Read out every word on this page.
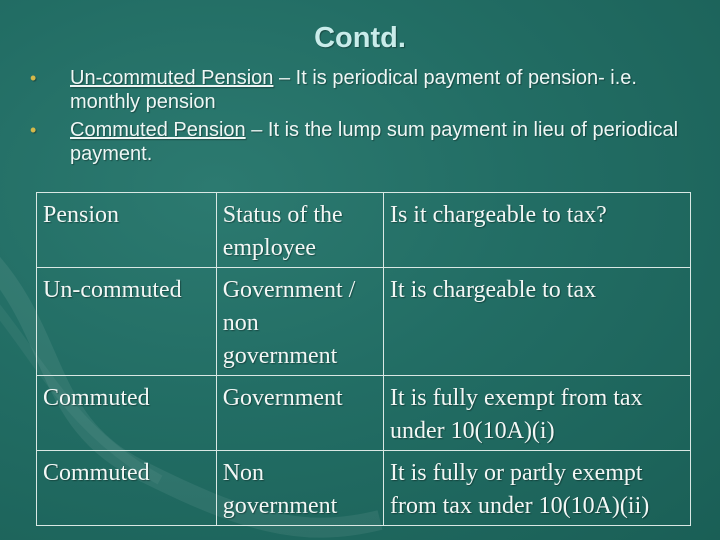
Contd.
• Un-commuted Pension – It is periodical payment of pension- i.e. monthly pension
• Commuted Pension – It is the lump sum payment in lieu of periodical payment.
Pension	Status of the employee	Is it chargeable to tax?
Un-commuted	Government / non government	It is chargeable to tax
Commuted	Government	It is fully exempt from tax under 10(10A)(i)
Commuted	Non government	It is fully or partly exempt from tax under 10(10A)(ii)
